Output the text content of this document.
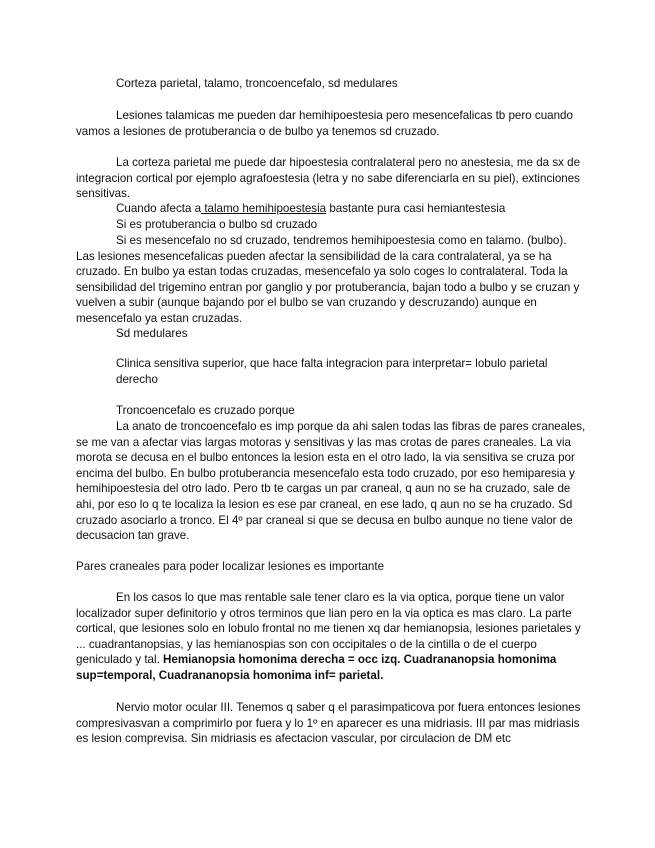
Corteza parietal, talamo, troncoencefalo, sd medulares

Lesiones talamicas me pueden dar hemihipoestesia pero mesencefalicas tb pero cuando vamos a lesiones de protuberancia o de bulbo ya tenemos sd cruzado.

La corteza parietal me puede dar hipoestesia contralateral pero no anestesia, me da sx de integracion cortical por ejemplo agrafoestesia (letra y no sabe diferenciarla en su piel), extinciones sensitivas.

Cuando afecta a talamo hemihipoestesia bastante pura casi hemiantestesia

Si es protuberancia o bulbo sd cruzado

Si es mesencefalo no sd cruzado, tendremos hemihipoestesia como en talamo. (bulbo). Las lesiones mesencefalicas pueden afectar la sensibilidad de la cara contralateral, ya se ha cruzado. En bulbo ya estan todas cruzadas, mesencefalo ya solo coges lo contralateral. Toda la sensibilidad del trigemino entran por ganglio y por protuberancia, bajan todo a bulbo y se cruzan y vuelven a subir (aunque bajando por el bulbo se van cruzando y descruzando) aunque en mesencefalo ya estan cruzadas.

Sd medulares

Clinica sensitiva superior, que hace falta integracion para interpretar= lobulo parietal derecho

Troncoencefalo es cruzado porque

La anato de troncoencefalo es imp porque da ahi salen todas las fibras de pares craneales, se me van a afectar vias largas motoras y sensitivas y las mas crotas de pares craneales. La via morota se decusa en el bulbo entonces la lesion esta en el otro lado, la via sensitiva se cruza por encima del bulbo. En bulbo protuberancia mesencefalo esta todo cruzado, por eso hemiparesia y hemihipoestesia del otro lado. Pero tb te cargas un par craneal, q aun no se ha cruzado, sale de ahi, por eso lo q te localiza la lesion es ese par craneal, en ese lado, q aun no se ha cruzado. Sd cruzado asociarlo a tronco. El 4º par craneal si que se decusa en bulbo aunque no tiene valor de decusacion tan grave.

Pares craneales para poder localizar lesiones es importante

En los casos lo que mas rentable sale tener claro es la via optica, porque tiene un valor localizador super definitorio y otros terminos que lian pero en la via optica es mas claro. La parte cortical, que lesiones solo en lobulo frontal no me tienen xq dar hemianopsia, lesiones parietales y ... cuadrantanopsias, y las hemianospias son con occipitales o de la cintilla o de el cuerpo geniculado y tal. Hemianopsia homonima derecha = occ izq. Cuadrananopsia homonima sup=temporal, Cuadrananopsia homonima inf= parietal.

Nervio motor ocular III. Tenemos q saber q el parasimpaticova por fuera entonces lesiones compresivasvan a comprimirlo por fuera y lo 1º en aparecer es una midriasis. III par mas midriasis es lesion comprevisa. Sin midriasis es afectacion vascular, por circulacion de DM etc
